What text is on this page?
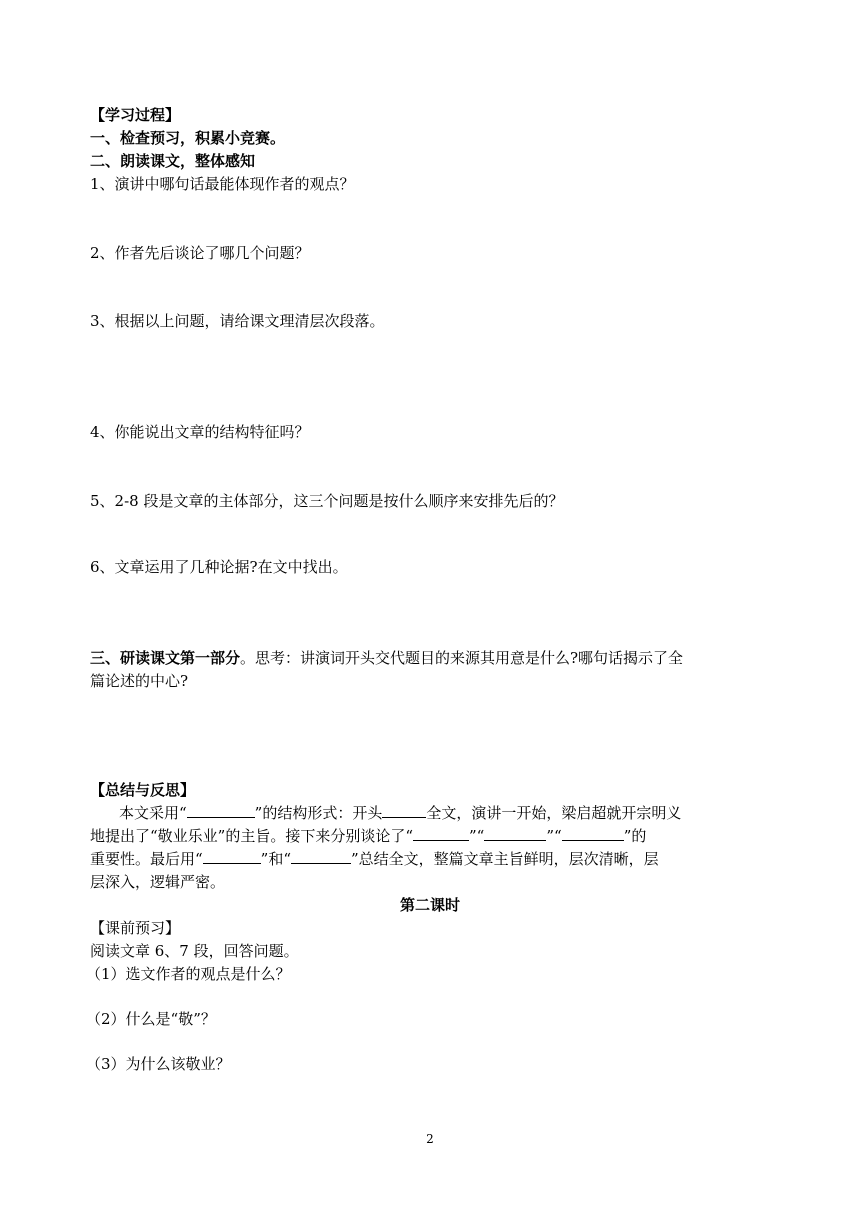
【学习过程】
一、检查预习，积累小竞赛。
二、朗读课文，整体感知
1、演讲中哪句话最能体现作者的观点？
2、作者先后谈论了哪几个问题？
3、根据以上问题，请给课文理清层次段落。
4、你能说出文章的结构特征吗？
5、2-8 段是文章的主体部分，这三个问题是按什么顺序来安排先后的？
6、文章运用了几种论据?在文中找出。
三、研读课文第一部分。思考：讲演词开头交代题目的来源其用意是什么?哪句话揭示了全
篇论述的中心?
【总结与反思】
本文采用“	”的结构形式：开头	全文，演讲一开始，梁启超就开宗明义
地提出了“敬业乐业”的主旨。接下来分别谈论了“	”“	”“	”的
重要性。最后用“	”和“	”总结全文，整篇文章主旨鲜明，层次清晰，层
层深入，逻辑严密。
第二课时
【课前预习】
阅读文章 6、7 段，回答问题。
（1）选文作者的观点是什么？
（2）什么是“敬”？
（3）为什么该敬业？
2
